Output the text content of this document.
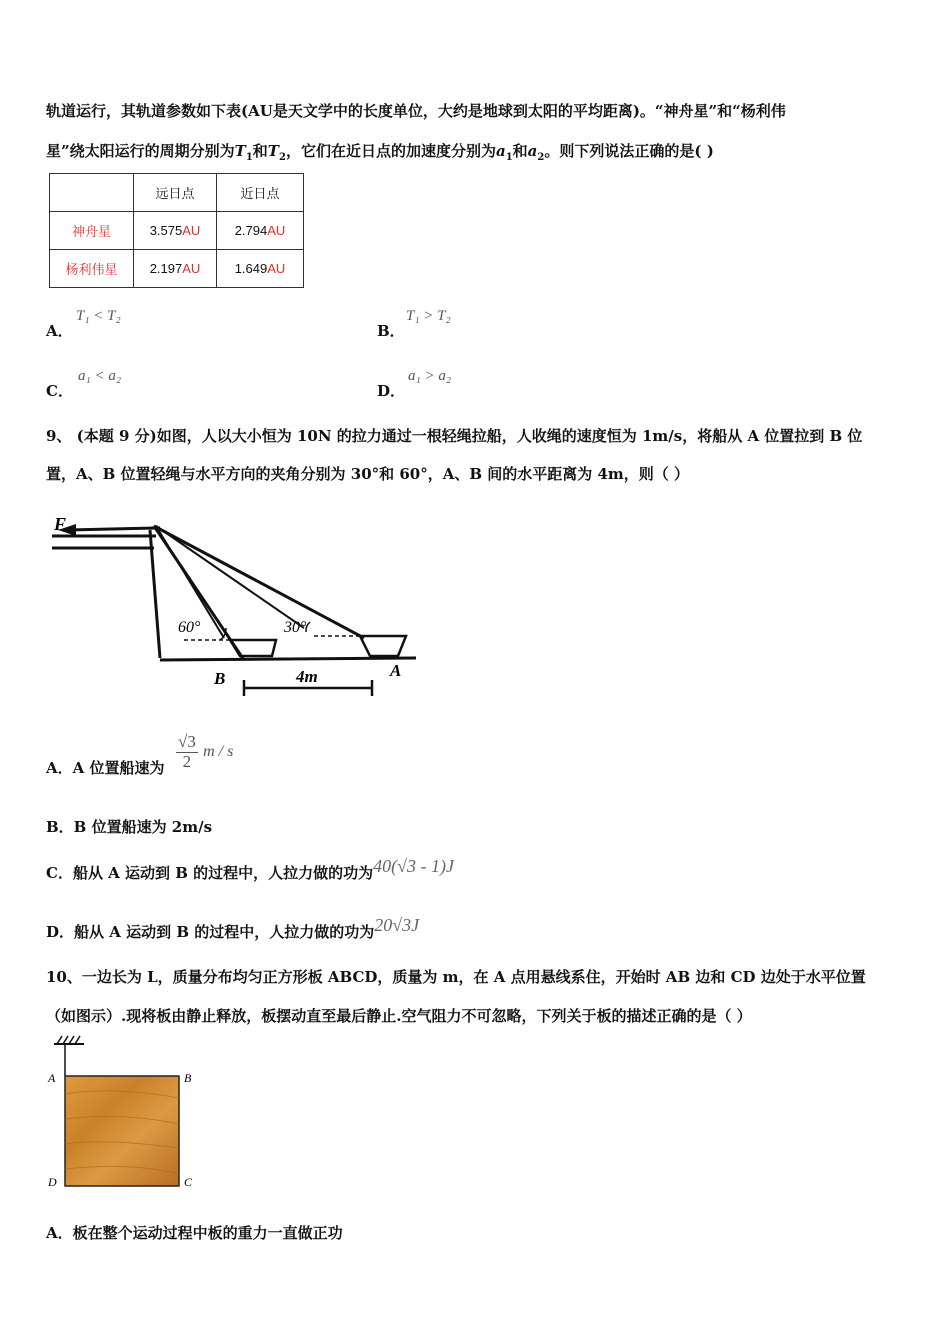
轨道运行，其轨道参数如下表(AU是天文学中的长度单位，大约是地球到太阳的平均距离)。“神舟星”和“杨利伟
星”绕太阳运行的周期分别为$T_1$和$T_2$，它们在近日点的加速度分别为$a_1$和$a_2$。则下列说法正确的是( )
	远日点	近日点
神舟星	3.575AU	2.794AU
杨利伟星	2.197AU	1.649AU
A．
T₁ < T₂
B．
T₁ > T₂
C．
a₁ < a₂
D．
a₁ > a₂
9、 (本题 9 分)如图，人以大小恒为 10N 的拉力通过一根轻绳拉船，人收绳的速度恒为 1m/s，将船从 A 位置拉到 B 位
置，A、B 位置轻绳与水平方向的夹角分别为 30°和 60°，A、B 间的水平距离为 4m，则（ ）
F
60°	30°
B	A
4m
A．A 位置船速为 $\frac{√3}{2}$ m / s
B．B 位置船速为 2m/s
C．船从 A 运动到 B 的过程中，人拉力做的功为40(√3 - 1)J
D．船从 A 运动到 B 的过程中，人拉力做的功为20√3J
10、一边长为 L，质量分布均匀正方形板 ABCD，质量为 m，在 A 点用悬线系住，开始时 AB 边和 CD 边处于水平位置
（如图示）.现将板由静止释放，板摆动直至最后静止.空气阻力不可忽略，下列关于板的描述正确的是（ ）
A	B
D	C
A．板在整个运动过程中板的重力一直做正功
